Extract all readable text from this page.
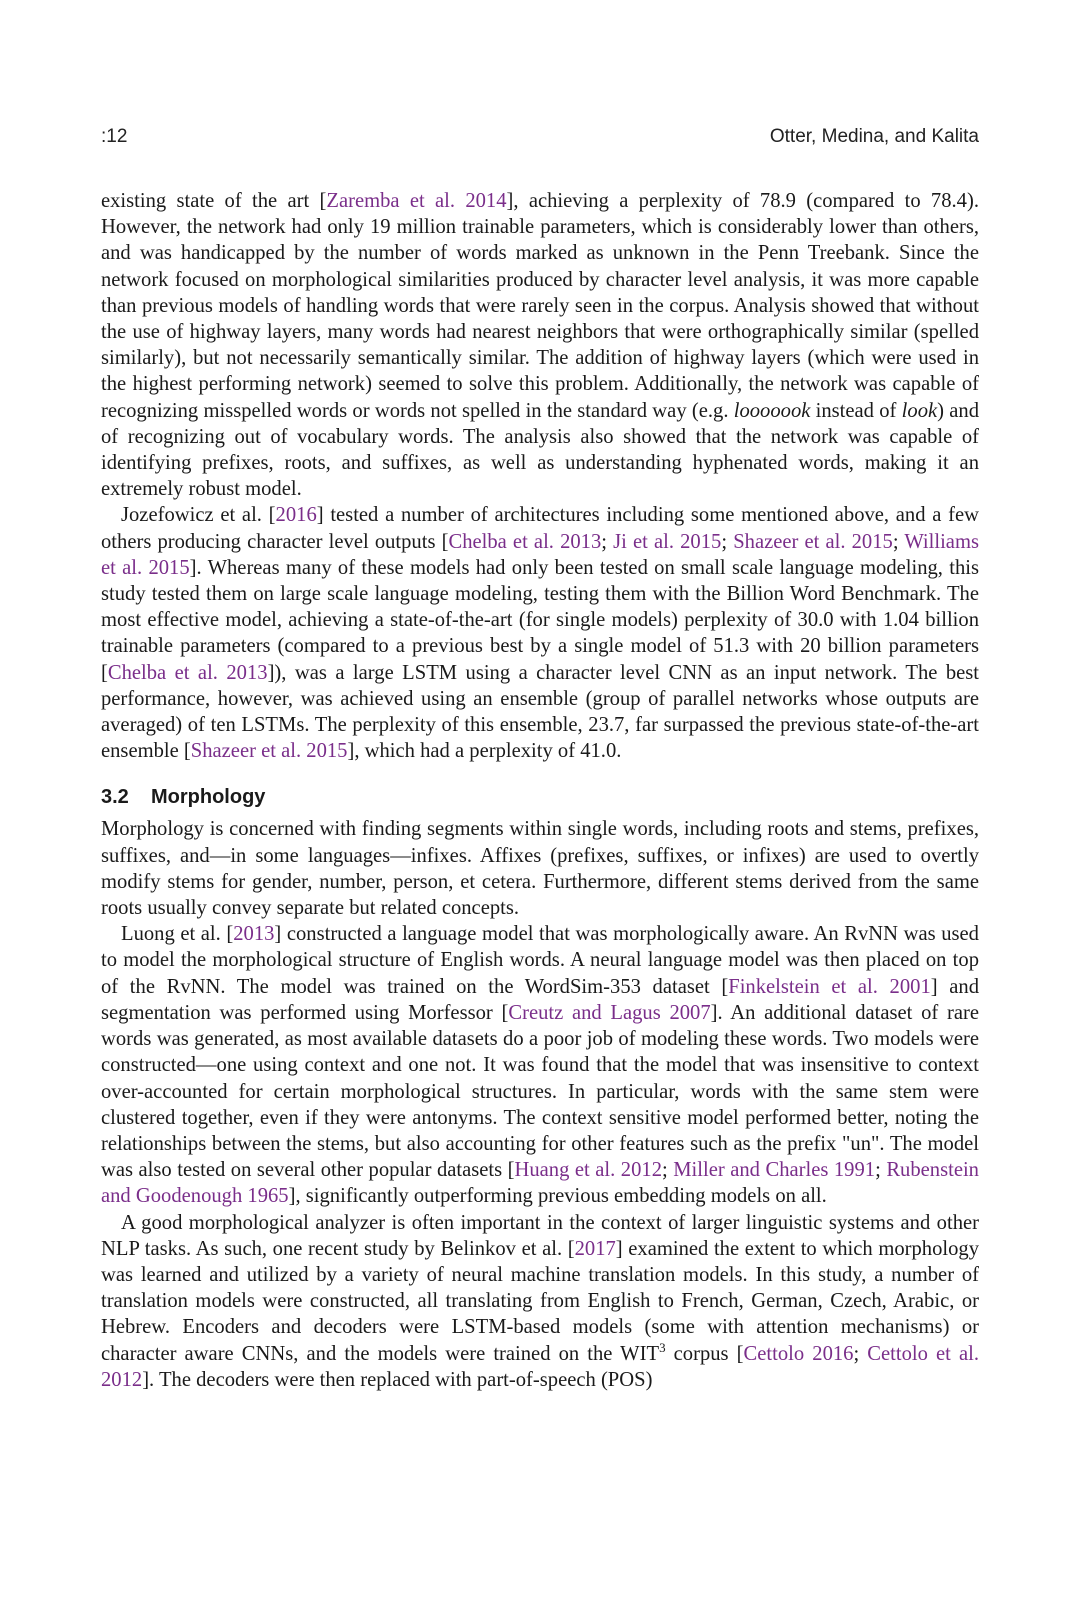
:12	Otter, Medina, and Kalita

existing state of the art [Zaremba et al. 2014], achieving a perplexity of 78.9 (compared to 78.4). However, the network had only 19 million trainable parameters, which is considerably lower than others, and was handicapped by the number of words marked as unknown in the Penn Treebank. Since the network focused on morphological similarities produced by character level analysis, it was more capable than previous models of handling words that were rarely seen in the corpus. Analysis showed that without the use of highway layers, many words had nearest neighbors that were orthographically similar (spelled similarly), but not necessarily semantically similar. The addition of highway layers (which were used in the highest performing network) seemed to solve this problem. Additionally, the network was capable of recognizing misspelled words or words not spelled in the standard way (e.g. looooook instead of look) and of recognizing out of vocabulary words. The analysis also showed that the network was capable of identifying prefixes, roots, and suffixes, as well as understanding hyphenated words, making it an extremely robust model.

Jozefowicz et al. [2016] tested a number of architectures including some mentioned above, and a few others producing character level outputs [Chelba et al. 2013; Ji et al. 2015; Shazeer et al. 2015; Williams et al. 2015]. Whereas many of these models had only been tested on small scale language modeling, this study tested them on large scale language modeling, testing them with the Billion Word Benchmark. The most effective model, achieving a state-of-the-art (for single models) perplexity of 30.0 with 1.04 billion trainable parameters (compared to a previous best by a single model of 51.3 with 20 billion parameters [Chelba et al. 2013]), was a large LSTM using a character level CNN as an input network. The best performance, however, was achieved using an ensemble (group of parallel networks whose outputs are averaged) of ten LSTMs. The perplexity of this ensemble, 23.7, far surpassed the previous state-of-the-art ensemble [Shazeer et al. 2015], which had a perplexity of 41.0.

3.2 Morphology

Morphology is concerned with finding segments within single words, including roots and stems, prefixes, suffixes, and—in some languages—infixes. Affixes (prefixes, suffixes, or infixes) are used to overtly modify stems for gender, number, person, et cetera. Furthermore, different stems derived from the same roots usually convey separate but related concepts.

Luong et al. [2013] constructed a language model that was morphologically aware. An RvNN was used to model the morphological structure of English words. A neural language model was then placed on top of the RvNN. The model was trained on the WordSim-353 dataset [Finkelstein et al. 2001] and segmentation was performed using Morfessor [Creutz and Lagus 2007]. An additional dataset of rare words was generated, as most available datasets do a poor job of modeling these words. Two models were constructed—one using context and one not. It was found that the model that was insensitive to context over-accounted for certain morphological structures. In particular, words with the same stem were clustered together, even if they were antonyms. The context sensitive model performed better, noting the relationships between the stems, but also accounting for other features such as the prefix "un". The model was also tested on several other popular datasets [Huang et al. 2012; Miller and Charles 1991; Rubenstein and Goodenough 1965], significantly outperforming previous embedding models on all.

A good morphological analyzer is often important in the context of larger linguistic systems and other NLP tasks. As such, one recent study by Belinkov et al. [2017] examined the extent to which morphology was learned and utilized by a variety of neural machine translation models. In this study, a number of translation models were constructed, all translating from English to French, German, Czech, Arabic, or Hebrew. Encoders and decoders were LSTM-based models (some with attention mechanisms) or character aware CNNs, and the models were trained on the WIT$^3$ corpus [Cettolo 2016; Cettolo et al. 2012]. The decoders were then replaced with part-of-speech (POS)
